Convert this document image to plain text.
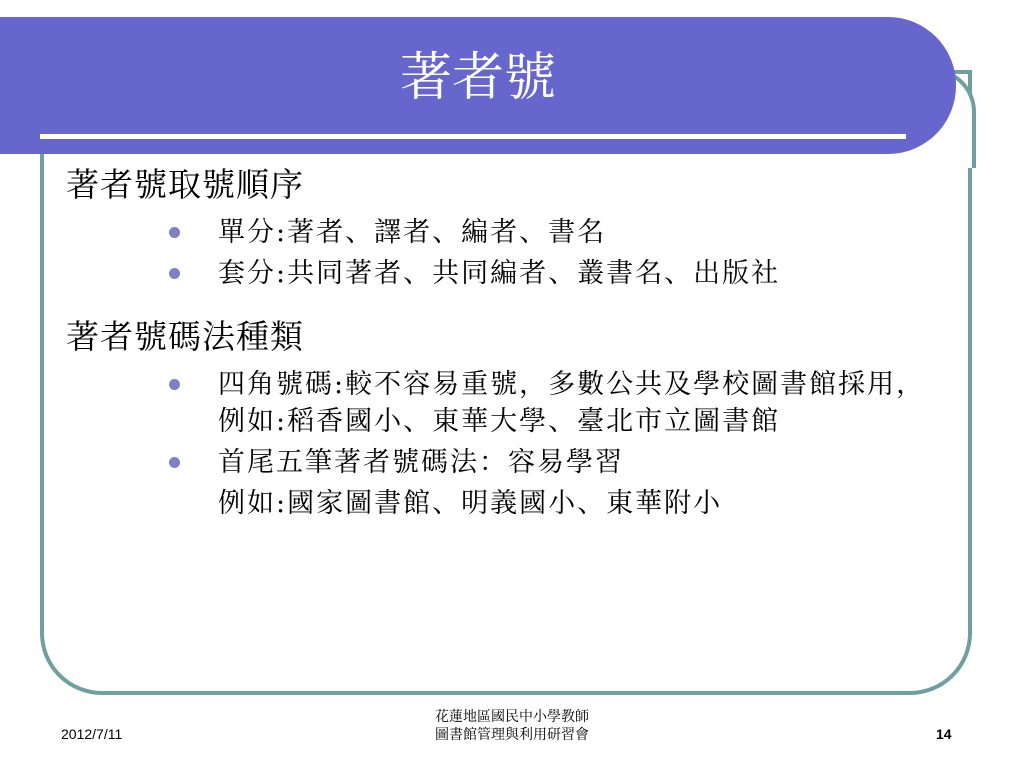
著者號
著者號取號順序
單分:著者、譯者、編者、書名
套分:共同著者、共同編者、叢書名、出版社
著者號碼法種類
四角號碼:較不容易重號，多數公共及學校圖書館採用， 例如:稻香國小、東華大學、臺北市立圖書館
首尾五筆著者號碼法：容易學習
例如:國家圖書館、明義國小、東華附小
2012/7/11
花蓮地區國民中小學教師
圖書館管理與利用研習會	14
